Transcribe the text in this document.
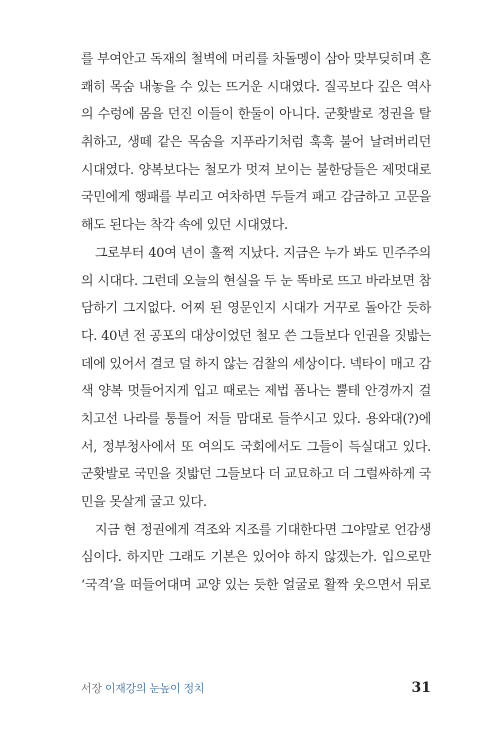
를 부여안고 독재의 철벽에 머리를 차돌멩이 삼아 맞부딪히며 흔
쾌히 목숨 내놓을 수 있는 뜨거운 시대였다. 질곡보다 깊은 역사
의 수렁에 몸을 던진 이들이 한둘이 아니다. 군홧발로 정권을 탈
취하고, 생떼 같은 목숨을 지푸라기처럼 훅훅 불어 날려버리던
시대였다. 양복보다는 철모가 멋져 보이는 불한당들은 제멋대로
국민에게 행패를 부리고 여차하면 두들겨 패고 감금하고 고문을
해도 된다는 착각 속에 있던 시대였다.
그로부터 40여 년이 훌쩍 지났다. 지금은 누가 봐도 민주주의
의 시대다. 그런데 오늘의 현실을 두 눈 똑바로 뜨고 바라보면 참
담하기 그지없다. 어찌 된 영문인지 시대가 거꾸로 돌아간 듯하
다. 40년 전 공포의 대상이었던 철모 쓴 그들보다 인권을 짓밟는
데에 있어서 결코 덜 하지 않는 검찰의 세상이다. 넥타이 매고 감
색 양복 멋들어지게 입고 때로는 제법 폼나는 뿔테 안경까지 걸
치고선 나라를 통틀어 저들 맘대로 들쑤시고 있다. 용와대(?)에
서, 정부청사에서 또 여의도 국회에서도 그들이 득실대고 있다.
군홧발로 국민을 짓밟던 그들보다 더 교묘하고 더 그럴싸하게 국
민을 못살게 굴고 있다.
지금 현 정권에게 격조와 지조를 기대한다면 그야말로 언감생
심이다. 하지만 그래도 기본은 있어야 하지 않겠는가. 입으로만
‘국격’을 떠들어대며 교양 있는 듯한 얼굴로 활짝 웃으면서 뒤로
서장 이재강의 눈높이 정치	31
